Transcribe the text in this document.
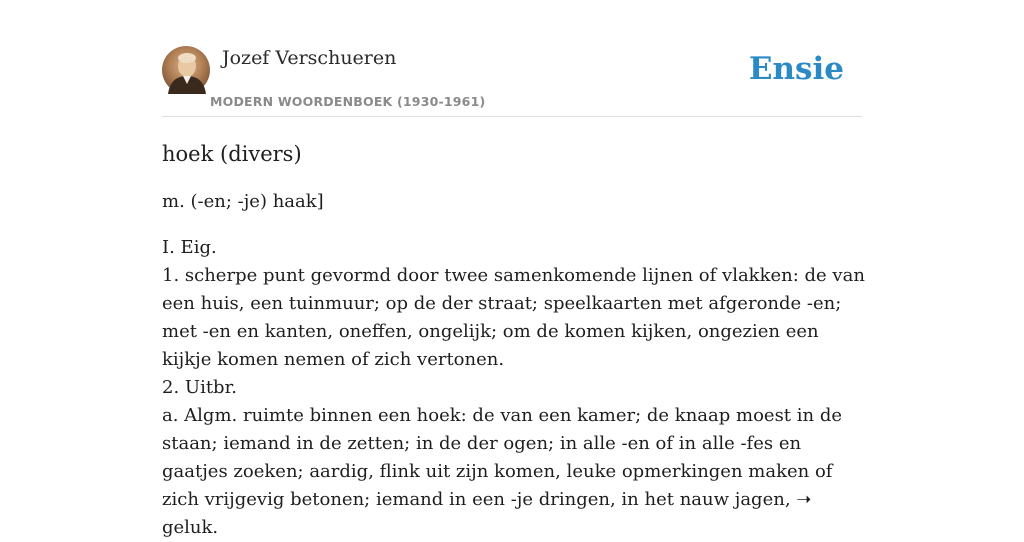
Jozef Verschueren
MODERN WOORDENBOEK (1930-1961)
Ensie
hoek (divers)

m. (-en; -je) haak]

I. Eig.

1. scherpe punt gevormd door twee samenkomende lijnen of vlakken: de van een huis, een tuinmuur; op de der straat; speelkaarten met afgeronde -en; met -en en kanten, oneffen, ongelijk; om de komen kijken, ongezien een kijkje komen nemen of zich vertonen.

2. Uitbr.

a. Algm. ruimte binnen een hoek: de van een kamer; de knaap moest in de staan; iemand in de zetten; in de der ogen; in alle -en of in alle -fes en gaatjes zoeken; aardig, flink uit zijn komen, leuke opmerkingen maken of zich vrijgevig betonen; iemand in een -je dringen, in het nauw jagen, ➝ geluk.
